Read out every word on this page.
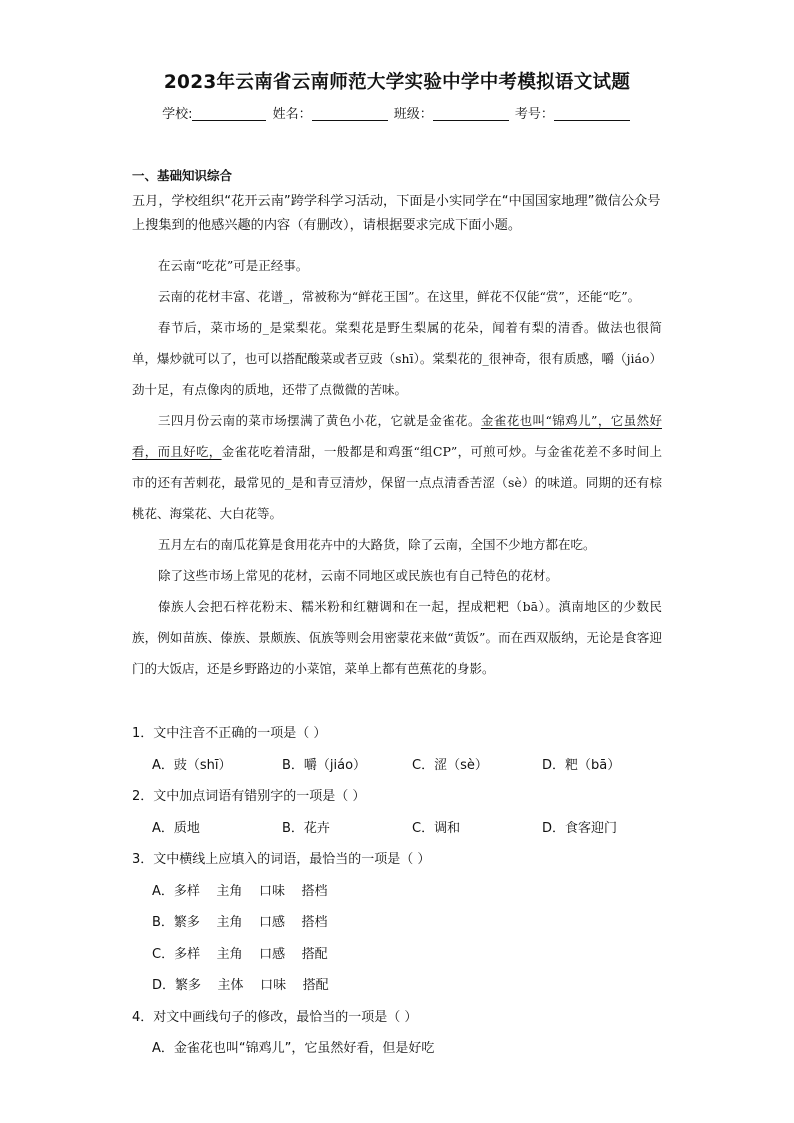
2023年云南省云南师范大学实验中学中考模拟语文试题
学校:	姓名：	班级：	考号：
一、基础知识综合
五月，学校组织“花开云南”跨学科学习活动，下面是小实同学在“中国国家地理”微信公众号上搜集到的他感兴趣的内容（有删改），请根据要求完成下面小题。

在云南“吃花”可是正经事。

云南的花材丰富、花谱_，常被称为“鲜花王国”。在这里，鲜花不仅能“赏”，还能“吃”。

春节后，菜市场的_是棠梨花。棠梨花是野生梨属的花朵，闻着有梨的清香。做法也很简单，爆炒就可以了，也可以搭配酸菜或者豆豉（shī）。棠梨花的_很神奇，很有质感，嚼（jiáo）劲十足，有点像肉的质地，还带了点微微的苦味。

三四月份云南的菜市场摆满了黄色小花，它就是金雀花。金雀花也叫“锦鸡儿”，它虽然好看，而且好吃，金雀花吃着清甜，一般都是和鸡蛋“组CP”，可煎可炒。与金雀花差不多时间上市的还有苦刺花，最常见的_是和青豆清炒，保留一点点清香苦涩（sè）的味道。同期的还有棕桃花、海棠花、大白花等。

五月左右的南瓜花算是食用花卉中的大路货，除了云南，全国不少地方都在吃。

除了这些市场上常见的花材，云南不同地区或民族也有自己特色的花材。

傣族人会把石梓花粉末、糯米粉和红糖调和在一起，捏成粑粑（bā）。滇南地区的少数民族，例如苗族、傣族、景颇族、佤族等则会用密蒙花来做“黄饭”。而在西双版纳，无论是食客迎门的大饭店，还是乡野路边的小菜馆，菜单上都有芭蕉花的身影。

1．文中注音不正确的一项是（ ）
A．豉（shī）	B．嚼（jiáo）	C．涩（sè）	D．粑（bā）
2．文中加点词语有错别字的一项是（ ）
A．质地	B．花卉	C．调和	D．食客迎门
3．文中横线上应填入的词语，最恰当的一项是（ ）
A．多样    主角    口味    搭档
B．繁多    主角    口感    搭档
C．多样    主角    口感    搭配
D．繁多    主体    口味    搭配
4．对文中画线句子的修改，最恰当的一项是（ ）
A．金雀花也叫“锦鸡儿”，它虽然好看，但是好吃
